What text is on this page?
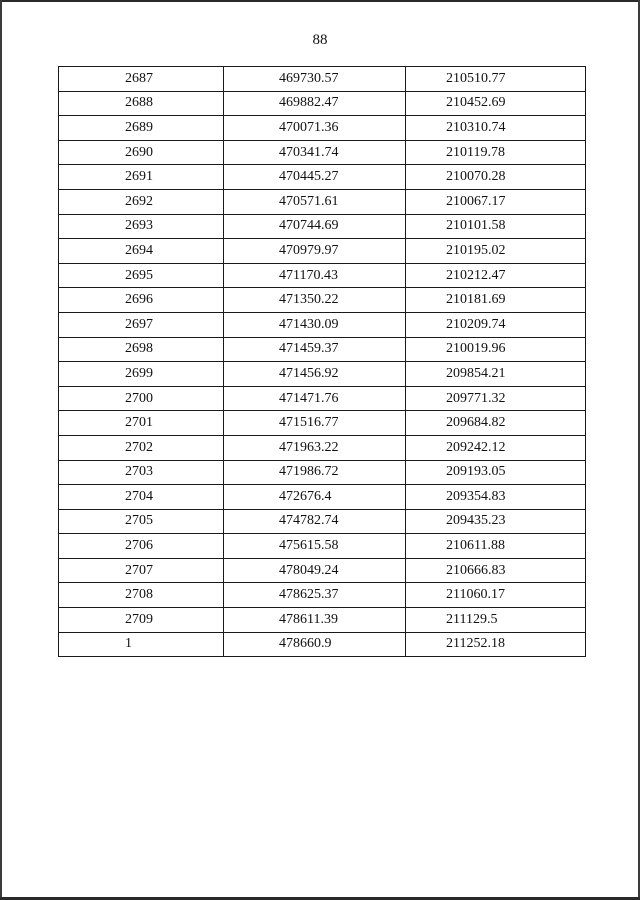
88
2687	469730.57	210510.77
2688	469882.47	210452.69
2689	470071.36	210310.74
2690	470341.74	210119.78
2691	470445.27	210070.28
2692	470571.61	210067.17
2693	470744.69	210101.58
2694	470979.97	210195.02
2695	471170.43	210212.47
2696	471350.22	210181.69
2697	471430.09	210209.74
2698	471459.37	210019.96
2699	471456.92	209854.21
2700	471471.76	209771.32
2701	471516.77	209684.82
2702	471963.22	209242.12
2703	471986.72	209193.05
2704	472676.4	209354.83
2705	474782.74	209435.23
2706	475615.58	210611.88
2707	478049.24	210666.83
2708	478625.37	211060.17
2709	478611.39	211129.5
1	478660.9	211252.18
